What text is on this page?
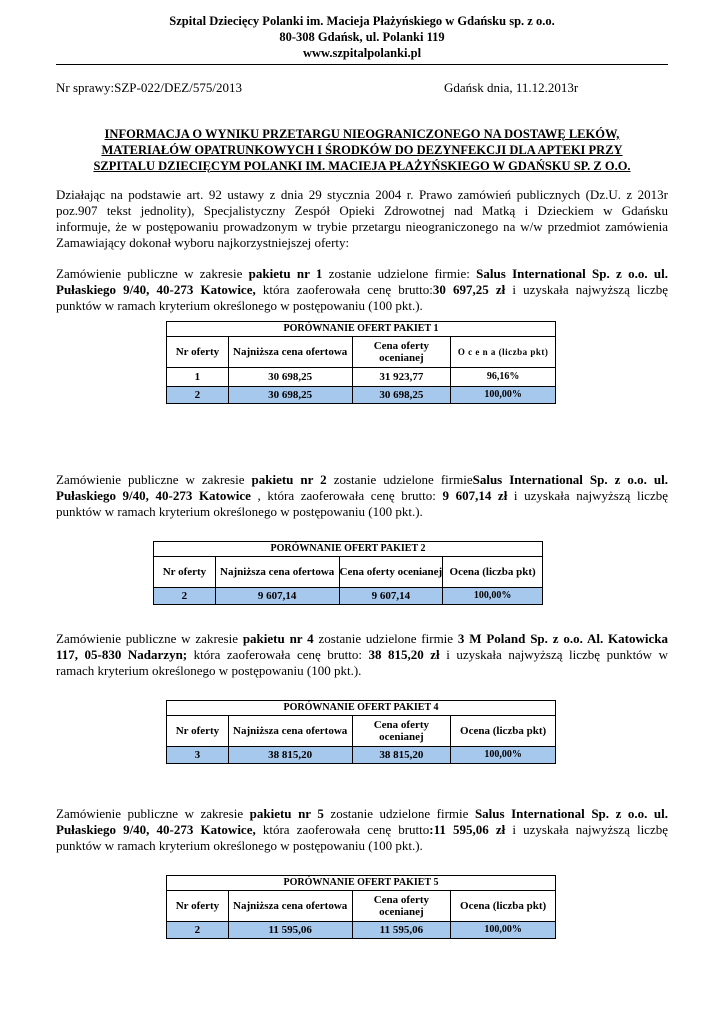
Szpital Dziecięcy Polanki im. Macieja Płażyńskiego w Gdańsku sp. z o.o.
80-308 Gdańsk, ul. Polanki 119
www.szpitalpolanki.pl
Nr sprawy:SZP-022/DEZ/575/2013	Gdańsk dnia, 11.12.2013r
INFORMACJA O WYNIKU PRZETARGU NIEOGRANICZONEGO NA DOSTAWĘ LEKÓW,
MATERIAŁÓW OPATRUNKOWYCH I ŚRODKÓW DO DEZYNFEKCJI DLA APTEKI PRZY
SZPITALU DZIECIĘCYM POLANKI IM. MACIEJA PŁAŻYŃSKIEGO W GDAŃSKU SP. Z O.O.
Działając na podstawie art. 92 ustawy z dnia 29 stycznia 2004 r. Prawo zamówień publicznych (Dz.U. z 2013r
poz.907 tekst jednolity), Specjalistyczny Zespół Opieki Zdrowotnej nad Matką i Dzieckiem w Gdańsku
informuje, że w postępowaniu prowadzonym w trybie przetargu nieograniczonego na w/w przedmiot zamówienia
Zamawiający dokonał wyboru najkorzystniejszej oferty:
Zamówienie publiczne w zakresie pakietu nr 1 zostanie udzielone firmie: Salus International Sp. z o.o. ul.
Pułaskiego 9/40, 40-273 Katowice, która zaoferowała cenę brutto:30 697,25 zł i uzyskała najwyższą liczbę
punktów w ramach kryterium określonego w postępowaniu (100 pkt.).
PORÓWNANIE OFERT PAKIET 1			
Nr oferty	Najniższa cena ofertowa	Cena oferty ocenianej	O c e n a (liczba pkt)
1	30 698,25	31 923,77	96,16%
2	30 698,25	30 698,25	100,00%
Zamówienie publiczne w zakresie pakietu nr 2 zostanie udzielone firmieSalus International Sp. z o.o. ul.
Pułaskiego 9/40, 40-273 Katowice , która zaoferowała cenę brutto: 9 607,14 zł i uzyskała najwyższą liczbę
punktów w ramach kryterium określonego w postępowaniu (100 pkt.).
PORÓWNANIE OFERT PAKIET 2			
Nr oferty	Najniższa cena ofertowa	Cena oferty ocenianej	Ocena (liczba pkt)
2	9 607,14	9 607,14	100,00%
Zamówienie publiczne w zakresie pakietu nr 4 zostanie udzielone firmie 3 M Poland Sp. z o.o. Al. Katowicka
117, 05-830 Nadarzyn; która zaoferowała cenę brutto: 38 815,20 zł i uzyskała najwyższą liczbę punktów w
ramach kryterium określonego w postępowaniu (100 pkt.).
PORÓWNANIE OFERT PAKIET 4			
Nr oferty	Najniższa cena ofertowa	Cena oferty ocenianej	Ocena (liczba pkt)
3	38 815,20	38 815,20	100,00%
Zamówienie publiczne w zakresie pakietu nr 5 zostanie udzielone firmie Salus International Sp. z o.o. ul.
Pułaskiego 9/40, 40-273 Katowice, która zaoferowała cenę brutto:11 595,06 zł i uzyskała najwyższą liczbę
punktów w ramach kryterium określonego w postępowaniu (100 pkt.).
PORÓWNANIE OFERT PAKIET 5			
Nr oferty	Najniższa cena ofertowa	Cena oferty ocenianej	Ocena (liczba pkt)
2	11 595,06	11 595,06	100,00%
